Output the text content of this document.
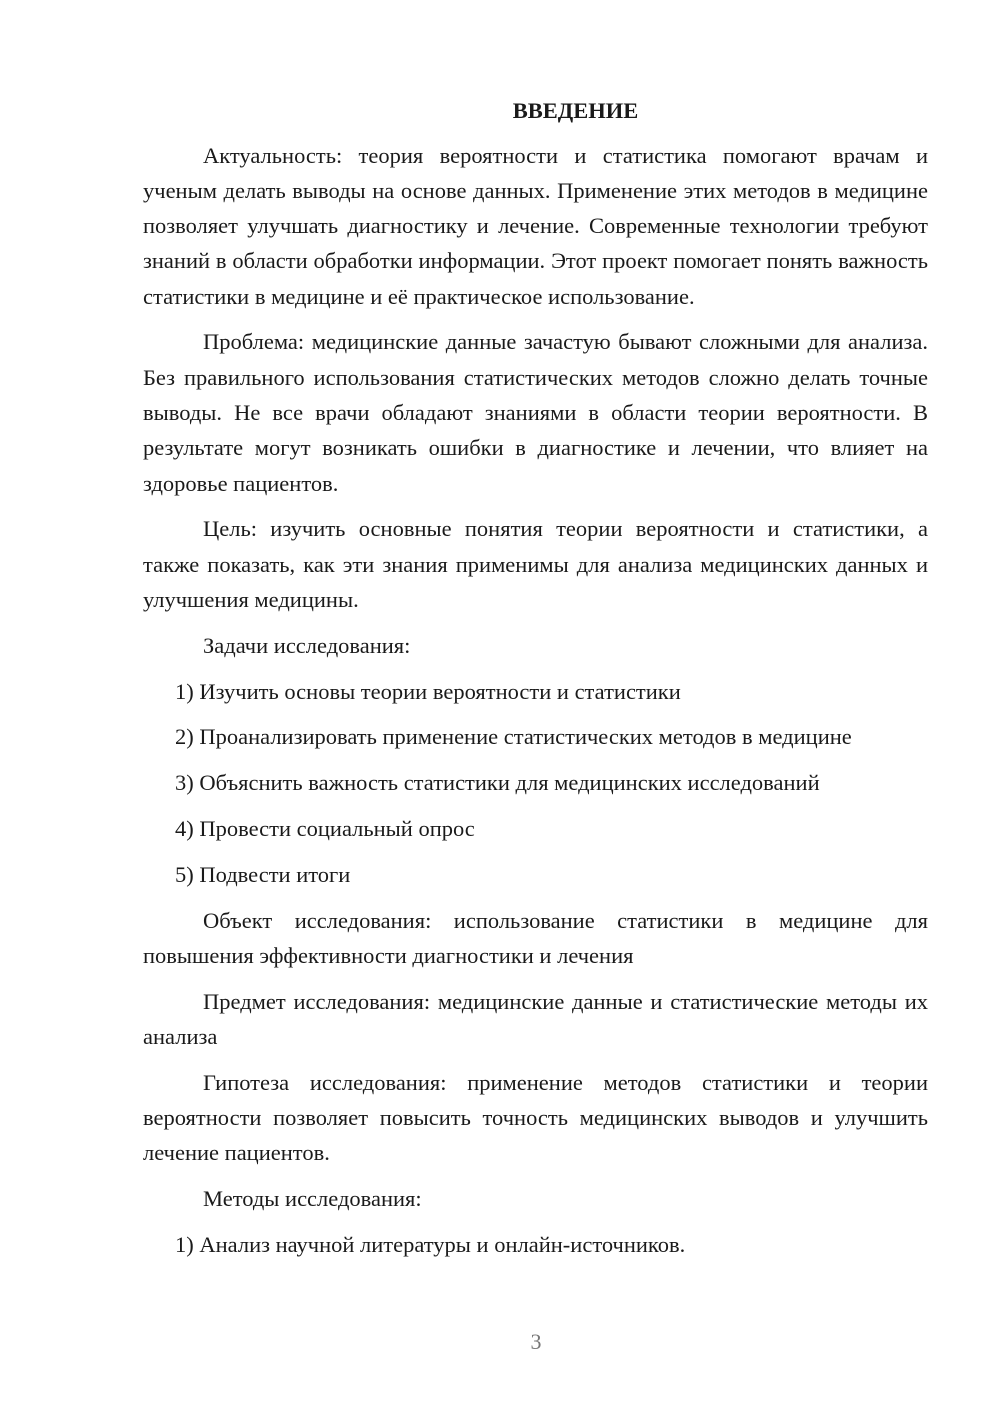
ВВЕДЕНИЕ

Актуальность: теория вероятности и статистика помогают врачам и ученым делать выводы на основе данных. Применение этих методов в медицине позволяет улучшать диагностику и лечение. Современные технологии требуют знаний в области обработки информации. Этот проект помогает понять важность статистики в медицине и её практическое использование.

Проблема: медицинские данные зачастую бывают сложными для анализа. Без правильного использования статистических методов сложно делать точные выводы. Не все врачи обладают знаниями в области теории вероятности. В результате могут возникать ошибки в диагностике и лечении, что влияет на здоровье пациентов.

Цель: изучить основные понятия теории вероятности и статистики, а также показать, как эти знания применимы для анализа медицинских данных и улучшения медицины.

Задачи исследования:

1) Изучить основы теории вероятности и статистики

2) Проанализировать применение статистических методов в медицине

3) Объяснить важность статистики для медицинских исследований

4) Провести социальный опрос

5) Подвести итоги

Объект исследования: использование статистики в медицине для повышения эффективности диагностики и лечения

Предмет исследования: медицинские данные и статистические методы их анализа

Гипотеза исследования: применение методов статистики и теории вероятности позволяет повысить точность медицинских выводов и улучшить лечение пациентов.

Методы исследования:

1) Анализ научной литературы и онлайн-источников.

3
